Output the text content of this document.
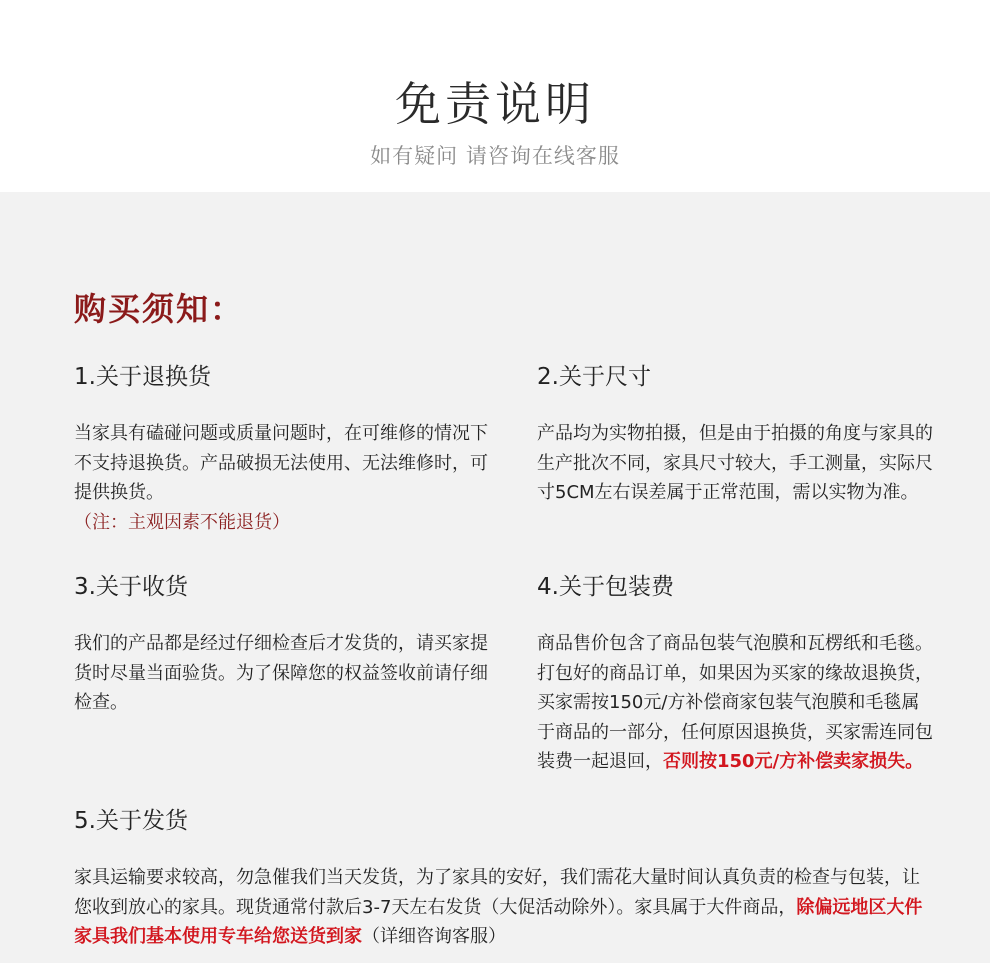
免责说明
如有疑问 请咨询在线客服
购买须知：
1.关于退换货
当家具有磕碰问题或质量问题时，在可维修的情况下不支持退换货。产品破损无法使用、无法维修时，可提供换货。
（注：主观因素不能退货）
2.关于尺寸
产品均为实物拍摄，但是由于拍摄的角度与家具的生产批次不同，家具尺寸较大，手工测量，实际尺寸5CM左右误差属于正常范围，需以实物为准。
3.关于收货
我们的产品都是经过仔细检查后才发货的，请买家提货时尽量当面验货。为了保障您的权益签收前请仔细检查。
4.关于包装费
商品售价包含了商品包装气泡膜和瓦楞纸和毛毯。打包好的商品订单，如果因为买家的缘故退换货，买家需按150元/方补偿商家包装气泡膜和毛毯属于商品的一部分，任何原因退换货，买家需连同包装费一起退回，否则按150元/方补偿卖家损失。
5.关于发货
家具运输要求较高，勿急催我们当天发货，为了家具的安好，我们需花大量时间认真负责的检查与包装，让您收到放心的家具。现货通常付款后3-7天左右发货（大促活动除外）。家具属于大件商品，除偏远地区大件家具我们基本使用专车给您送货到家（详细咨询客服）
